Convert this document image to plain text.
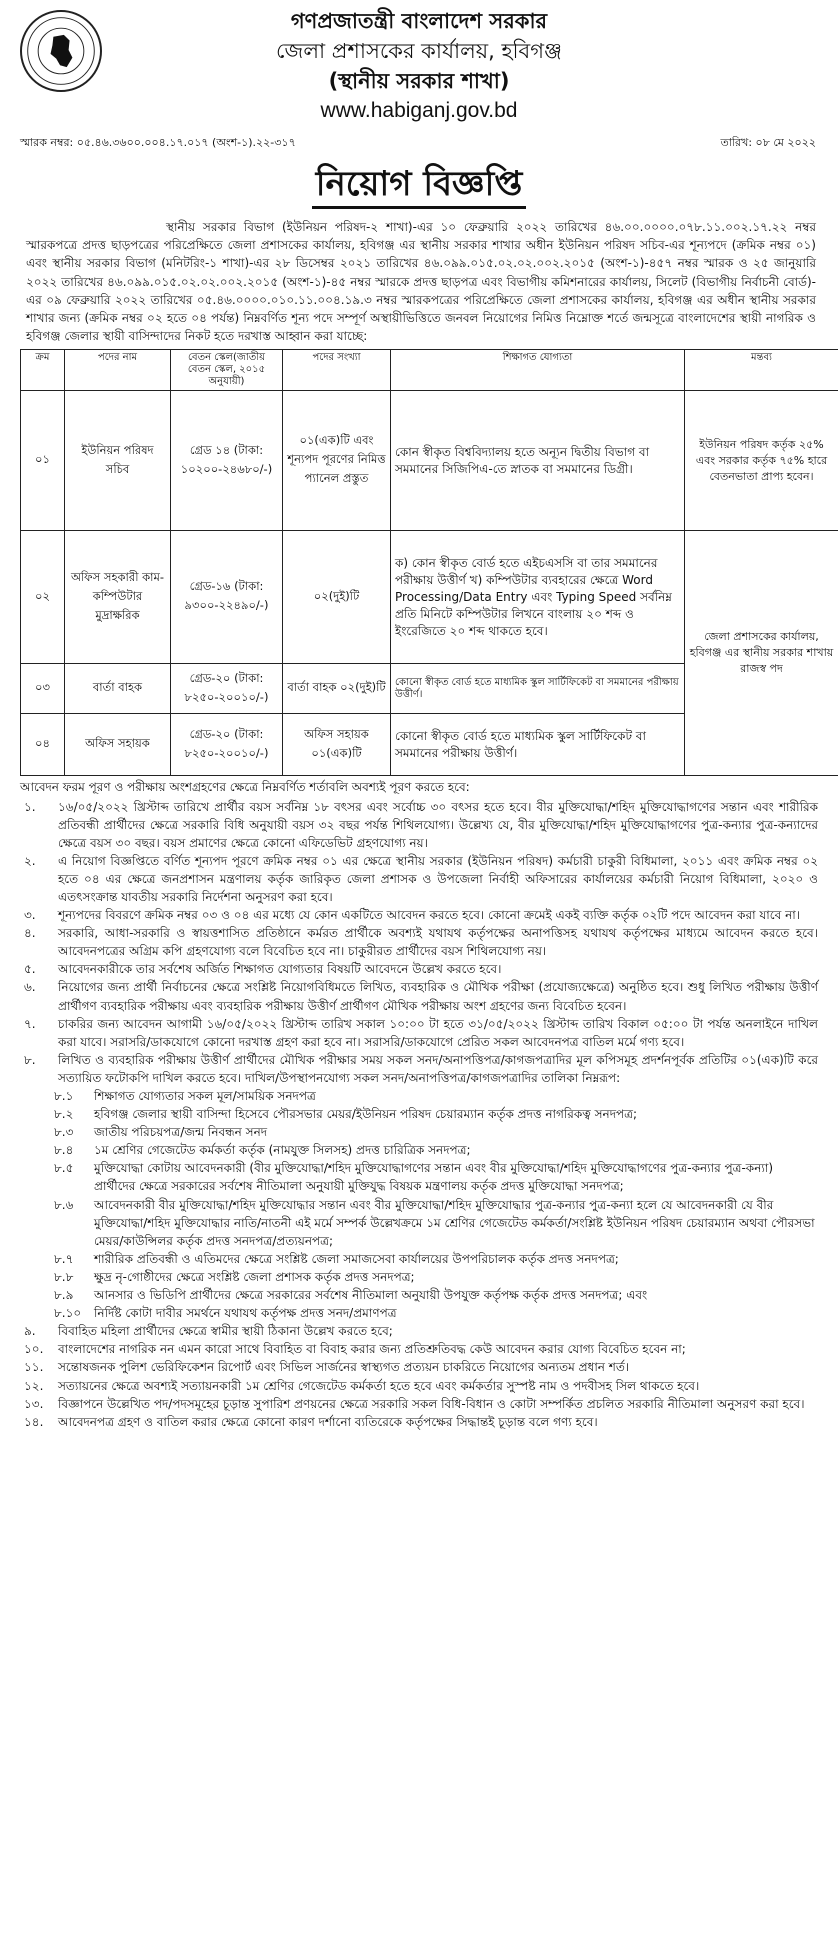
গণপ্রজাতন্ত্রী বাংলাদেশ সরকার
জেলা প্রশাসকের কার্যালয়, হবিগঞ্জ
(স্থানীয় সরকার শাখা)
www.habiganj.gov.bd
স্মারক নম্বর: ০৫.৪৬.৩৬০০.০০৪.১৭.০১৭ (অংশ-১).২২-৩১৭	তারিখ: ০৮ মে ২০২২
নিয়োগ বিজ্ঞপ্তি

স্থানীয় সরকার বিভাগ (ইউনিয়ন পরিষদ-২ শাখা)-এর ১০ ফেব্রুয়ারি ২০২২ তারিখের ৪৬.০০.০০০০.০৭৮.১১.০০২.১৭.২২ নম্বর স্মারকপত্রে প্রদত্ত ছাড়পত্রের পরিপ্রেক্ষিতে জেলা প্রশাসকের কার্যালয়, হবিগঞ্জ এর স্থানীয় সরকার শাখার অধীন ইউনিয়ন পরিষদ সচিব-এর শূন্যপদে (ক্রমিক নম্বর ০১) এবং স্থানীয় সরকার বিভাগ (মনিটরিং-১ শাখা)-এর ২৮ ডিসেম্বর ২০২১ তারিখের ৪৬.০৯৯.০১৫.০২.০২.০০২.২০১৫ (অংশ-১)-৪৫৭ নম্বর স্মারক ও ২৫ জানুয়ারি ২০২২ তারিখের ৪৬.০৯৯.০১৫.০২.০২.০০২.২০১৫ (অংশ-১)-৪৫ নম্বর স্মারকে প্রদত্ত ছাড়পত্র এবং বিভাগীয় কমিশনারের কার্যালয়, সিলেট (বিভাগীয় নির্বাচনী বোর্ড)-এর ০৯ ফেব্রুয়ারি ২০২২ তারিখের ০৫.৪৬.০০০০.০১০.১১.০০৪.১৯.৩ নম্বর স্মারকপত্রের পরিপ্রেক্ষিতে জেলা প্রশাসকের কার্যালয়, হবিগঞ্জ এর অধীন স্থানীয় সরকার শাখার জন্য (ক্রমিক নম্বর ০২ হতে ০৪ পর্যন্ত) নিম্নবর্ণিত শূন্য পদে সম্পূর্ণ অস্থায়ীভিত্তিতে জনবল নিয়োগের নিমিত্ত নিম্নোক্ত শর্তে জন্মসূত্রে বাংলাদেশের স্থায়ী নাগরিক ও হবিগঞ্জ জেলার স্থায়ী বাসিন্দাদের নিকট হতে দরখাস্ত আহ্বান করা যাচ্ছে:

ক্রম	পদের নাম	বেতন স্কেল(জাতীয় বেতন স্কেল, ২০১৫ অনুযায়ী)	পদের সংখ্যা	শিক্ষাগত যোগ্যতা	মন্তব্য
০১	ইউনিয়ন পরিষদ সচিব	গ্রেড ১৪ (টাকা: ১০২০০-২৪৬৮০/-)	০১(এক)টি এবং শূন্যপদ পূরণের নিমিত্ত প্যানেল প্রস্তুত	কোন স্বীকৃত বিশ্ববিদ্যালয় হতে অন্যূন দ্বিতীয় বিভাগ বা সমমানের সিজিপিএ-তে স্নাতক বা সমমানের ডিগ্রী।	ইউনিয়ন পরিষদ কর্তৃক ২৫% এবং সরকার কর্তৃক ৭৫% হারে বেতনভাতা প্রাপ্য হবেন।
০২	অফিস সহকারী কাম-কম্পিউটার মুদ্রাক্ষরিক	গ্রেড-১৬ (টাকা: ৯৩০০-২২৪৯০/-)	০২(দুই)টি	ক) কোন স্বীকৃত বোর্ড হতে এইচএসসি বা তার সমমানের পরীক্ষায় উত্তীর্ণ খ) কম্পিউটার ব্যবহারের ক্ষেত্রে Word Processing/Data Entry এবং Typing Speed সর্বনিম্ন প্রতি মিনিটে কম্পিউটার লিখনে বাংলায় ২০ শব্দ ও ইংরেজিতে ২০ শব্দ থাকতে হবে।	জেলা প্রশাসকের কার্যালয়, হবিগঞ্জ এর স্থানীয় সরকার শাখায় রাজস্ব পদ
০৩	বার্তা বাহক	গ্রেড-২০ (টাকা: ৮২৫০-২০০১০/-)	বার্তা বাহক ০২(দুই)টি	কোনো স্বীকৃত বোর্ড হতে মাধ্যমিক স্কুল সার্টিফিকেট বা সমমানের পরীক্ষায় উত্তীর্ণ।	
০৪	অফিস সহায়ক	গ্রেড-২০ (টাকা: ৮২৫০-২০০১০/-)	অফিস সহায়ক ০১(এক)টি	কোনো স্বীকৃত বোর্ড হতে মাধ্যমিক স্কুল সার্টিফিকেট বা সমমানের পরীক্ষায় উত্তীর্ণ।	
আবেদন ফরম পূরণ ও পরীক্ষায় অংশগ্রহণের ক্ষেত্রে নিম্নবর্ণিত শর্তাবলি অবশ্যই পূরণ করতে হবে:
১.	১৬/০৫/২০২২ খ্রিস্টাব্দ তারিখে প্রার্থীর বয়স সর্বনিম্ন ১৮ বৎসর এবং সর্বোচ্চ ৩০ বৎসর হতে হবে। বীর মুক্তিযোদ্ধা/শহিদ মুক্তিযোদ্ধাগণের সন্তান এবং শারীরিক প্রতিবন্ধী প্রার্থীদের ক্ষেত্রে সরকারি বিধি অনুযায়ী বয়স ৩২ বছর পর্যন্ত শিথিলযোগ্য। উল্লেখ্য যে, বীর মুক্তিযোদ্ধা/শহিদ মুক্তিযোদ্ধাগণের পুত্র-কন্যার পুত্র-কন্যাদের ক্ষেত্রে বয়স ৩০ বছর। বয়স প্রমাণের ক্ষেত্রে কোনো এফিডেভিট গ্রহণযোগ্য নয়।
২.	এ নিয়োগ বিজ্ঞপ্তিতে বর্ণিত শূন্যপদ পূরণে ক্রমিক নম্বর ০১ এর ক্ষেত্রে স্থানীয় সরকার (ইউনিয়ন পরিষদ) কর্মচারী চাকুরী বিধিমালা, ২০১১ এবং ক্রমিক নম্বর ০২ হতে ০৪ এর ক্ষেত্রে জনপ্রশাসন মন্ত্রণালয় কর্তৃক জারিকৃত জেলা প্রশাসক ও উপজেলা নির্বাহী অফিসারের কার্যালয়ের কর্মচারী নিয়োগ বিধিমালা, ২০২০ ও এতৎসংক্রান্ত যাবতীয় সরকারি নির্দেশনা অনুসরণ করা হবে।
৩.	শূন্যপদের বিবরণে ক্রমিক নম্বর ০৩ ও ০৪ এর মধ্যে যে কোন একটিতে আবেদন করতে হবে। কোনো ক্রমেই একই ব্যক্তি কর্তৃক ০২টি পদে আবেদন করা যাবে না।
৪.	সরকারি, আধা-সরকারি ও স্বায়ত্তশাসিত প্রতিষ্ঠানে কর্মরত প্রার্থীকে অবশ্যই যথাযথ কর্তৃপক্ষের অনাপত্তিসহ যথাযথ কর্তৃপক্ষের মাধ্যমে আবেদন করতে হবে। আবেদনপত্রের অগ্রিম কপি গ্রহণযোগ্য বলে বিবেচিত হবে না। চাকুরীরত প্রার্থীদের বয়স শিথিলযোগ্য নয়।
৫.	আবেদনকারীকে তার সর্বশেষ অর্জিত শিক্ষাগত যোগ্যতার বিষয়টি আবেদনে উল্লেখ করতে হবে।
৬.	নিয়োগের জন্য প্রার্থী নির্বাচনের ক্ষেত্রে সংশ্লিষ্ট নিয়োগবিধিমতে লিখিত, ব্যবহারিক ও মৌখিক পরীক্ষা (প্রযোজ্যক্ষেত্রে) অনুষ্ঠিত হবে। শুধু লিখিত পরীক্ষায় উত্তীর্ণ প্রার্থীগণ ব্যবহারিক পরীক্ষায় এবং ব্যবহারিক পরীক্ষায় উত্তীর্ণ প্রার্থীগণ মৌখিক পরীক্ষায় অংশ গ্রহণের জন্য বিবেচিত হবেন।
৭.	চাকরির জন্য আবেদন আগামী ১৬/০৫/২০২২ খ্রিস্টাব্দ তারিখ সকাল ১০:০০ টা হতে ৩১/০৫/২০২২ খ্রিস্টাব্দ তারিখ বিকাল ০৫:০০ টা পর্যন্ত অনলাইনে দাখিল করা যাবে। সরাসরি/ডাকযোগে কোনো দরখাস্ত গ্রহণ করা হবে না। সরাসরি/ডাকযোগে প্রেরিত সকল আবেদনপত্র বাতিল মর্মে গণ্য হবে।
৮.	লিখিত ও ব্যবহারিক পরীক্ষায় উত্তীর্ণ প্রার্থীদের মৌখিক পরীক্ষার সময় সকল সনদ/অনাপত্তিপত্র/কাগজপত্রাদির মূল কপিসমূহ প্রদর্শনপূর্বক প্রতিটির ০১(এক)টি করে সত্যায়িত ফটোকপি দাখিল করতে হবে। দাখিল/উপস্থাপনযোগ্য সকল সনদ/অনাপত্তিপত্র/কাগজপত্রাদির তালিকা নিম্নরূপ:
৮.১	শিক্ষাগত যোগ্যতার সকল মূল/সাময়িক সনদপত্র
৮.২	হবিগঞ্জ জেলার স্থায়ী বাসিন্দা হিসেবে পৌরসভার মেয়র/ইউনিয়ন পরিষদ চেয়ারম্যান কর্তৃক প্রদত্ত নাগরিকত্ব সনদপত্র;
৮.৩	জাতীয় পরিচয়পত্র/জন্ম নিবন্ধন সনদ
৮.৪	১ম শ্রেণির গেজেটেড কর্মকর্তা কর্তৃক (নামযুক্ত সিলসহ) প্রদত্ত চারিত্রিক সনদপত্র;
৮.৫	মুক্তিযোদ্ধা কোটায় আবেদনকারী (বীর মুক্তিযোদ্ধা/শহিদ মুক্তিযোদ্ধাগণের সন্তান এবং বীর মুক্তিযোদ্ধা/শহিদ মুক্তিযোদ্ধাগণের পুত্র-কন্যার পুত্র-কন্যা) প্রার্থীদের ক্ষেত্রে সরকারের সর্বশেষ নীতিমালা অনুযায়ী মুক্তিযুদ্ধ বিষয়ক মন্ত্রণালয় কর্তৃক প্রদত্ত মুক্তিযোদ্ধা সনদপত্র;
৮.৬	আবেদনকারী বীর মুক্তিযোদ্ধা/শহিদ মুক্তিযোদ্ধার সন্তান এবং বীর মুক্তিযোদ্ধা/শহিদ মুক্তিযোদ্ধার পুত্র-কন্যার পুত্র-কন্যা হলে যে আবেদনকারী যে বীর মুক্তিযোদ্ধা/শহিদ মুক্তিযোদ্ধার নাতি/নাতনী এই মর্মে সম্পর্ক উল্লেখক্রমে ১ম শ্রেণির গেজেটেড কর্মকর্তা/সংশ্লিষ্ট ইউনিয়ন পরিষদ চেয়ারম্যান অথবা পৌরসভা মেয়র/কাউন্সিলর কর্তৃক প্রদত্ত সনদপত্র/প্রত্যয়নপত্র;
৮.৭	শারীরিক প্রতিবন্ধী ও এতিমদের ক্ষেত্রে সংশ্লিষ্ট জেলা সমাজসেবা কার্যালয়ের উপপরিচালক কর্তৃক প্রদত্ত সনদপত্র;
৮.৮	ক্ষুদ্র নৃ-গোষ্ঠীদের ক্ষেত্রে সংশ্লিষ্ট জেলা প্রশাসক কর্তৃক প্রদত্ত সনদপত্র;
৮.৯	আনসার ও ভিডিপি প্রার্থীদের ক্ষেত্রে সরকারের সর্বশেষ নীতিমালা অনুযায়ী উপযুক্ত কর্তৃপক্ষ কর্তৃক প্রদত্ত সনদপত্র; এবং
৮.১০	নির্দিষ্ট কোটা দাবীর সমর্থনে যথাযথ কর্তৃপক্ষ প্রদত্ত সনদ/প্রমাণপত্র
৯.	বিবাহিত মহিলা প্রার্থীদের ক্ষেত্রে স্বামীর স্থায়ী ঠিকানা উল্লেখ করতে হবে;
১০.	বাংলাদেশের নাগরিক নন এমন কারো সাথে বিবাহিত বা বিবাহ করার জন্য প্রতিশ্রুতিবদ্ধ কেউ আবেদন করার যোগ্য বিবেচিত হবেন না;
১১.	সন্তোষজনক পুলিশ ভেরিফিকেশন রিপোর্ট এবং সিভিল সার্জনের স্বাস্থ্যগত প্রত্যয়ন চাকরিতে নিয়োগের অন্যতম প্রধান শর্ত।
১২.	সত্যায়নের ক্ষেত্রে অবশ্যই সত্যায়নকারী ১ম শ্রেণির গেজেটেড কর্মকর্তা হতে হবে এবং কর্মকর্তার সুস্পষ্ট নাম ও পদবীসহ সিল থাকতে হবে।
১৩.	বিজ্ঞাপনে উল্লেখিত পদ/পদসমূহের চূড়ান্ত সুপারিশ প্রণয়নের ক্ষেত্রে সরকারি সকল বিধি-বিধান ও কোটা সম্পর্কিত প্রচলিত সরকারি নীতিমালা অনুসরণ করা হবে।
১৪.	আবেদনপত্র গ্রহণ ও বাতিল করার ক্ষেত্রে কোনো কারণ দর্শানো ব্যতিরেকে কর্তৃপক্ষের সিদ্ধান্তই চূড়ান্ত বলে গণ্য হবে।
